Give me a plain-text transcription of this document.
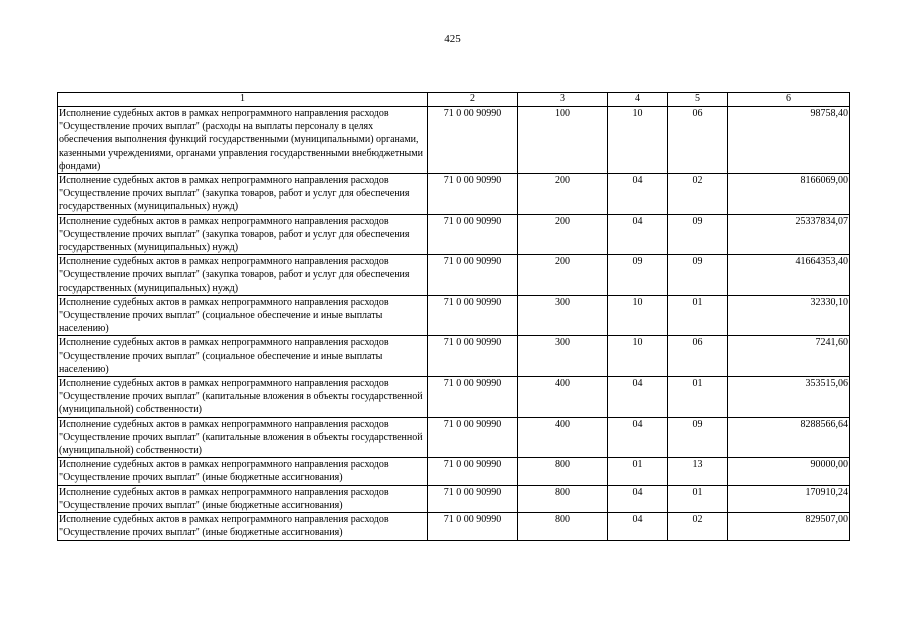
425
1	2	3	4	5	6
Исполнение судебных актов в рамках непрограммного направления расходов "Осуществление прочих выплат" (расходы на выплаты персоналу в целях обеспечения выполнения функций государственными (муниципальными) органами, казенными учреждениями, органами управления государственными внебюджетными фондами)	71 0 00 90990	100	10	06	98758,40
Исполнение судебных актов в рамках непрограммного направления расходов "Осуществление прочих выплат" (закупка товаров, работ и услуг для обеспечения государственных (муниципальных) нужд)	71 0 00 90990	200	04	02	8166069,00
Исполнение судебных актов в рамках непрограммного направления расходов "Осуществление прочих выплат" (закупка товаров, работ и услуг для обеспечения государственных (муниципальных) нужд)	71 0 00 90990	200	04	09	25337834,07
Исполнение судебных актов в рамках непрограммного направления расходов "Осуществление прочих выплат" (закупка товаров, работ и услуг для обеспечения государственных (муниципальных) нужд)	71 0 00 90990	200	09	09	41664353,40
Исполнение судебных актов в рамках непрограммного направления расходов "Осуществление прочих выплат" (социальное обеспечение и иные выплаты населению)	71 0 00 90990	300	10	01	32330,10
Исполнение судебных актов в рамках непрограммного направления расходов "Осуществление прочих выплат" (социальное обеспечение и иные выплаты населению)	71 0 00 90990	300	10	06	7241,60
Исполнение судебных актов в рамках непрограммного направления расходов "Осуществление прочих выплат" (капитальные вложения в объекты государственной (муниципальной) собственности)	71 0 00 90990	400	04	01	353515,06
Исполнение судебных актов в рамках непрограммного направления расходов "Осуществление прочих выплат" (капитальные вложения в объекты государственной (муниципальной) собственности)	71 0 00 90990	400	04	09	8288566,64
Исполнение судебных актов в рамках непрограммного направления расходов "Осуществление прочих выплат" (иные бюджетные ассигнования)	71 0 00 90990	800	01	13	90000,00
Исполнение судебных актов в рамках непрограммного направления расходов "Осуществление прочих выплат" (иные бюджетные ассигнования)	71 0 00 90990	800	04	01	170910,24
Исполнение судебных актов в рамках непрограммного направления расходов "Осуществление прочих выплат" (иные бюджетные ассигнования)	71 0 00 90990	800	04	02	829507,00
